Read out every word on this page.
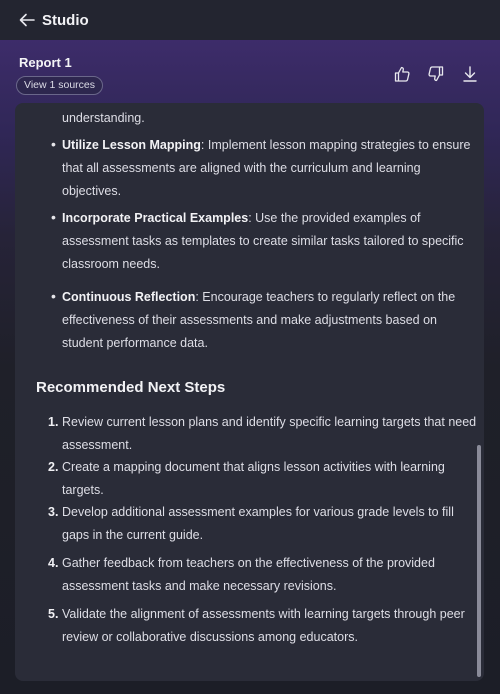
Studio
Report 1
View 1 sources
understanding.
• Utilize Lesson Mapping: Implement lesson mapping strategies to ensure
that all assessments are aligned with the curriculum and learning
objectives.
• Incorporate Practical Examples: Use the provided examples of
assessment tasks as templates to create similar tasks tailored to specific
classroom needs.
• Continuous Reflection: Encourage teachers to regularly reflect on the
effectiveness of their assessments and make adjustments based on
student performance data.
Recommended Next Steps
1. Review current lesson plans and identify specific learning targets that need
assessment.
2. Create a mapping document that aligns lesson activities with learning
targets.
3. Develop additional assessment examples for various grade levels to fill
gaps in the current guide.
4. Gather feedback from teachers on the effectiveness of the provided
assessment tasks and make necessary revisions.
5. Validate the alignment of assessments with learning targets through peer
review or collaborative discussions among educators.
